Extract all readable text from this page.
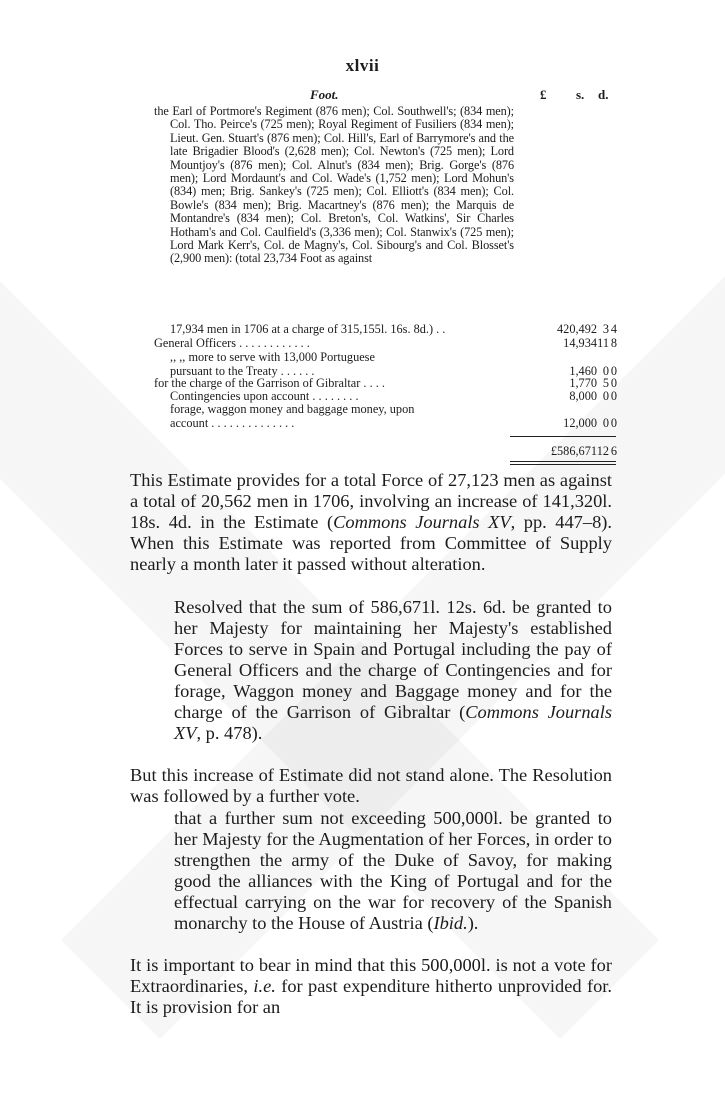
xlvii
Foot.	£ s. d.
the Earl of Portmore's Regiment (876 men); Col. Southwell's; (834 men); Col. Tho. Peirce's (725 men); Royal Regiment of Fusiliers (834 men); Lieut. Gen. Stuart's (876 men); Col. Hill's, Earl of Barrymore's and the late Brigadier Blood's (2,628 men); Col. Newton's (725 men); Lord Mountjoy's (876 men); Col. Alnut's (834 men); Brig. Gorge's (876 men); Lord Mordaunt's and Col. Wade's (1,752 men); Lord Mohun's (834) men; Brig. Sankey's (725 men); Col. Elliott's (834 men); Col. Bowle's (834 men); Brig. Macartney's (876 men); the Marquis de Montandre's (834 men); Col. Breton's, Col. Watkins', Sir Charles Hotham's and Col. Caulfield's (3,336 men); Col. Stanwix's (725 men); Lord Mark Kerr's, Col. de Magny's, Col. Sibourg's and Col. Blosset's (2,900 men): (total 23,734 Foot as against
17,934 men in 1706 at a charge of 315,155l. 16s. 8d.) . .	420,492 3 4
General Officers . . . . . . . . . . . .	14,934 11 8
,, ,, more to serve with 13,000 Portuguese
pursuant to the Treaty . . . . . .	1,460 0 0
for the charge of the Garrison of Gibraltar . . . .	1,770 5 0
Contingencies upon account . . . . . . . .	8,000 0 0
forage, waggon money and baggage money, upon
account . . . . . . . . . . . . . .	12,000 0 0
£586,671 12 6

This Estimate provides for a total Force of 27,123 men as against a total of 20,562 men in 1706, involving an increase of 141,320l. 18s. 4d. in the Estimate (Commons Journals XV, pp. 447–8). When this Estimate was reported from Committee of Supply nearly a month later it passed without alteration.

Resolved that the sum of 586,671l. 12s. 6d. be granted to her Majesty for maintaining her Majesty's established Forces to serve in Spain and Portugal including the pay of General Officers and the charge of Contingencies and for forage, Waggon money and Baggage money and for the charge of the Garrison of Gibraltar (Commons Journals XV, p. 478).

But this increase of Estimate did not stand alone. The Resolution was followed by a further vote.

that a further sum not exceeding 500,000l. be granted to her Majesty for the Augmentation of her Forces, in order to strengthen the army of the Duke of Savoy, for making good the alliances with the King of Portugal and for the effectual carrying on the war for recovery of the Spanish monarchy to the House of Austria (Ibid.).

It is important to bear in mind that this 500,000l. is not a vote for Extraordinaries, i.e. for past expenditure hitherto unprovided for. It is provision for an
